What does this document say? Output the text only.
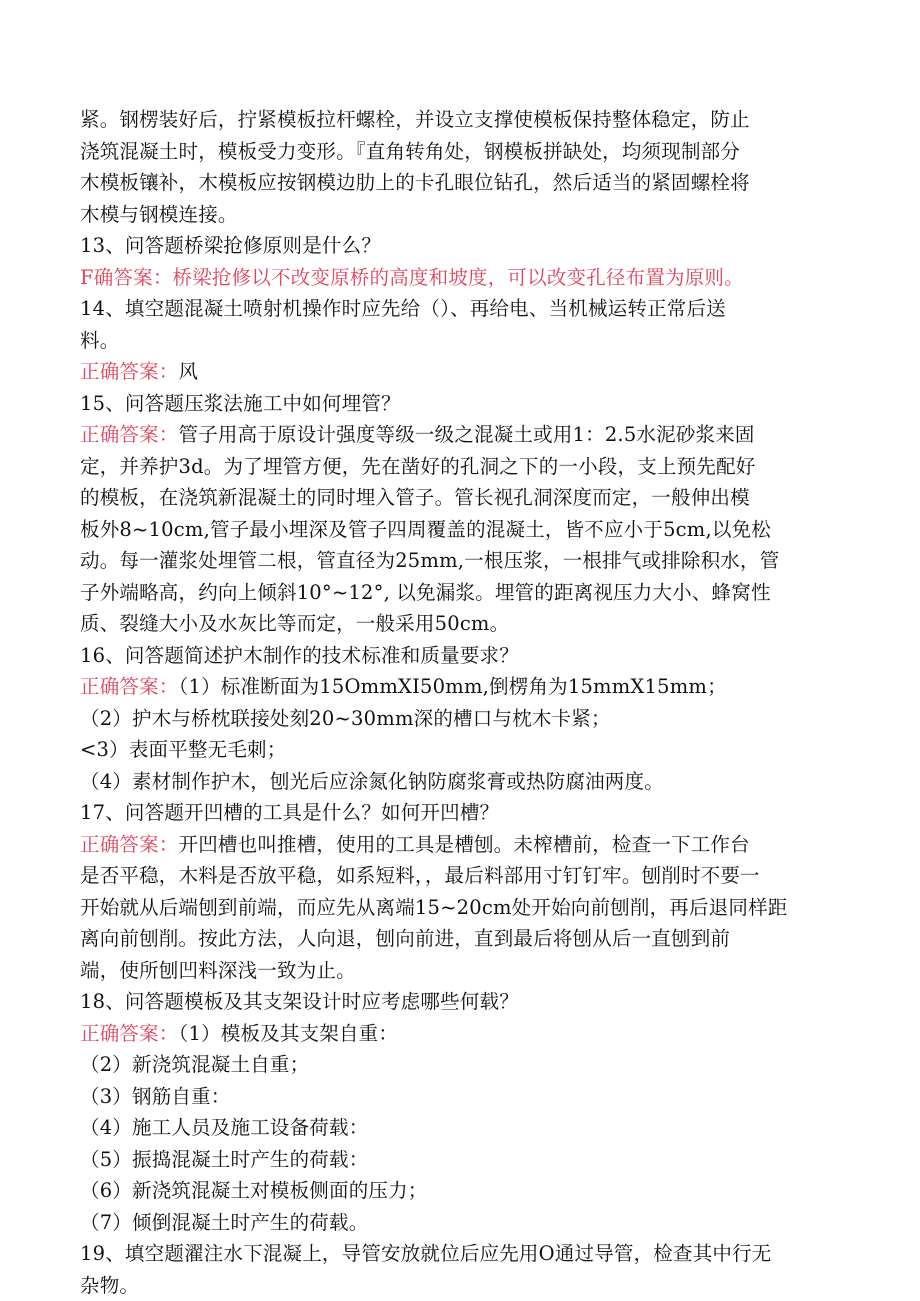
紧。钢楞装好后，拧紧模板拉杆螺栓，并设立支撑使模板保持整体稳定，防止
浇筑混凝土时，模板受力变形。『直角转角处，钢模板拼缺处，均须现制部分
木模板镶补，木模板应按钢模边肋上的卡孔眼位钻孔，然后适当的紧固螺栓将
木模与钢模连接。
13、问答题桥梁抢修原则是什么？
F确答案：桥梁抢修以不改变原桥的高度和坡度，可以改变孔径布置为原则。
14、填空题混凝土喷射机操作时应先给（）、再给电、当机械运转正常后送
料。
正确答案：风
15、问答题压浆法施工中如何埋管？
正确答案：管子用高于原设计强度等级一级之混凝土或用1：2.5水泥砂浆来固
定，并养护3d。为了埋管方便，先在凿好的孔洞之下的一小段，支上预先配好
的模板，在浇筑新混凝土的同时埋入管子。管长视孔洞深度而定，一般伸出模
板外8~10cm,管子最小埋深及管子四周覆盖的混凝土，皆不应小于5cm,以免松
动。每一灌浆处埋管二根，管直径为25mm,一根压浆，一根排气或排除积水，管
子外端略高，约向上倾斜10°~12°, 以免漏浆。埋管的距离视压力大小、蜂窝性
质、裂缝大小及水灰比等而定，一般采用50cm。
16、问答题简述护木制作的技术标准和质量要求？
正确答案：（1）标准断面为15OmmXI50mm,倒楞角为15mmX15mm；
（2）护木与桥枕联接处刻20~30mm深的槽口与枕木卡紧；
<3）表面平整无毛刺；
（4）素材制作护木，刨光后应涂氮化钠防腐浆膏或热防腐油两度。
17、问答题开凹槽的工具是什么？如何开凹槽？
正确答案：开凹槽也叫推槽，使用的工具是槽刨。未榨槽前，检查一下工作台
是否平稳，木料是否放平稳，如系短料，，最后料部用寸钉钉牢。刨削时不要一
开始就从后端刨到前端，而应先从离端15~20cm处开始向前刨削，再后退同样距
离向前刨削。按此方法，人向退，刨向前进，直到最后将刨从后一直刨到前
端，使所刨凹料深浅一致为止。
18、问答题模板及其支架设计时应考虑哪些何载？
正确答案：（1）模板及其支架自重：
（2）新浇筑混凝土自重；
（3）钢筋自重：
（4）施工人员及施工设备荷载：
（5）振捣混凝土时产生的荷载：
（6）新浇筑混凝土对模板侧面的压力；
（7）倾倒混凝土时产生的荷载。
19、填空题濯注水下混凝上，导管安放就位后应先用O通过导管，检查其中行无
杂物。
